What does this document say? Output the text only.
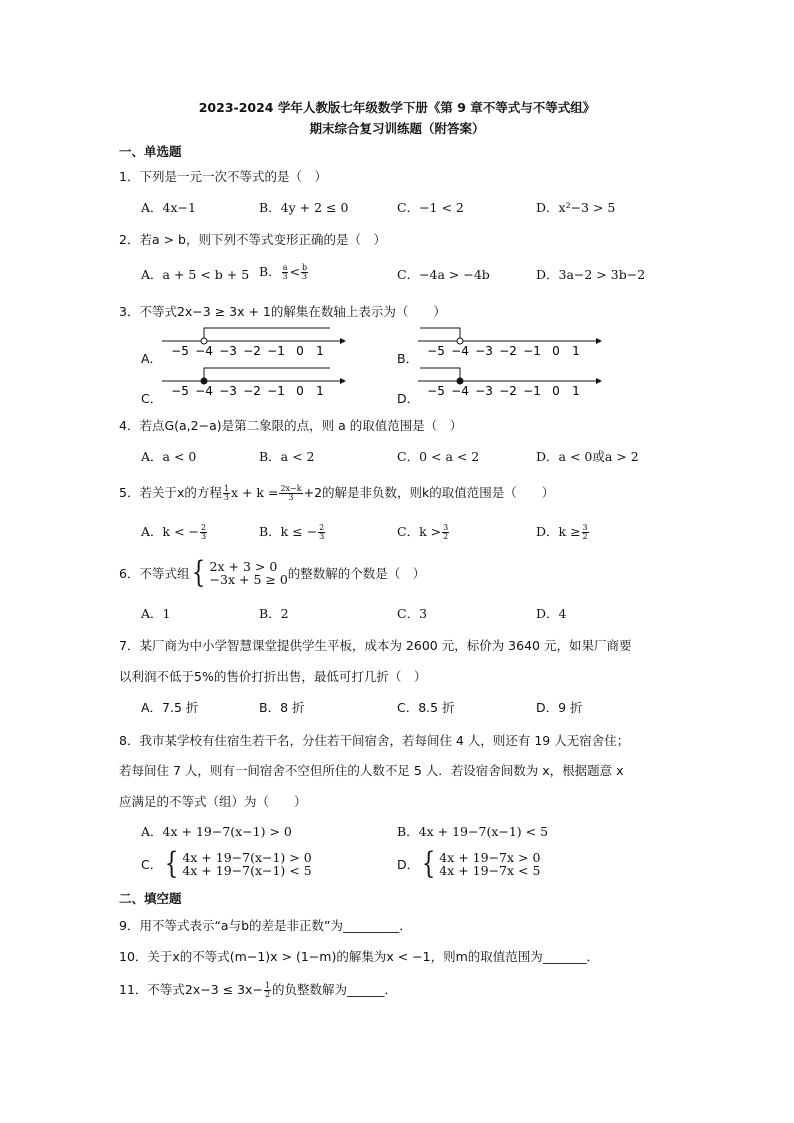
2023-2024 学年人教版七年级数学下册《第 9 章不等式与不等式组》
期末综合复习训练题（附答案）
一、单选题
1．下列是一元一次不等式的是（　）
A．4x−1	B．4y + 2 ≤ 0	C．−1 < 2	D．x²−3 > 5
2．若a > b，则下列不等式变形正确的是（　）
A．a + 5 < b + 5 B． $\frac{a}{3} < \frac{b}{3}$	C．−4a > −4b	D．3a−2 > 3b−2
3．不等式2x−3 ≥ 3x + 1的解集在数轴上表示为（　　）
A．	B．
C．	D．
−5 −4 −3 −2 −1 0 1	−5 −4 −3 −2 −1 0 1
−5 −4 −3 −2 −1 0 1	−5 −4 −3 −2 −1 0 1
4．若点G(a,2−a)是第二象限的点，则 a 的取值范围是（　）
A．a < 0	B．a < 2	C．0 < a < 2	D．a < 0或a > 2
5．若关于x的方程 $\frac{1}{3}$ $x + k = \frac{2x-k}{3} +2$的解是非负数，则k的取值范围是（　　）
A．k < − $\frac{2}{3}$	B．k ≤ − $\frac{2}{3}$	C．$k > \frac{3}{2}$	D．$k \ge \frac{3}{2}$
6．不等式组 { 2x + 3 > 0
−3x + 5 ≥ 0 的整数解的个数是（　）
A．1	B．2	C．3	D．4
7．某厂商为中小学智慧课堂提供学生平板，成本为 2600 元，标价为 3640 元，如果厂商要
以利润不低于5%的售价打折出售，最低可打几折（　）
A．7.5 折	B．8 折	C．8.5 折	D．9 折
8．我市某学校有住宿生若干名，分住若干间宿舍，若每间住 4 人，则还有 19 人无宿舍住；
若每间住 7 人，则有一间宿舍不空但所住的人数不足 5 人．若设宿舍间数为 x，根据题意 x
应满足的不等式（组）为（　　）
A．4x + 19−7(x−1) > 0	B．4x + 19−7(x−1) < 5
C． { 4x + 19−7(x−1) > 0
4x + 19−7(x−1) < 5	D． { 4x + 19−7x > 0
4x + 19−7x < 5
二、填空题
9．用不等式表示“a与b的差是非正数”为_________．
10．关于x的不等式(m−1)x > (1−m)的解集为x < −1，则m的取值范围为_______．
11．不等式$2x-3 \le 3x- \frac{1}{2}$ 的负整数解为______．
